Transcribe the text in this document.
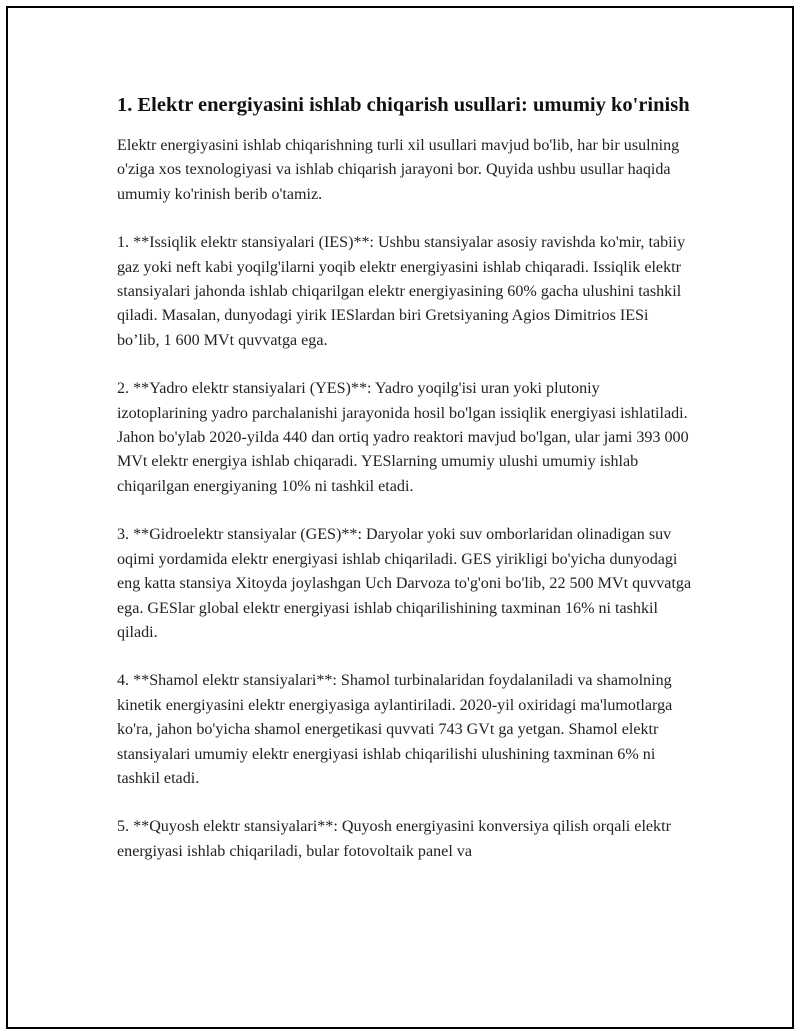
1. Elektr energiyasini ishlab chiqarish usullari: umumiy ko'rinish

Elektr energiyasini ishlab chiqarishning turli xil usullari mavjud bo'lib, har bir usulning o'ziga xos texnologiyasi va ishlab chiqarish jarayoni bor. Quyida ushbu usullar haqida umumiy ko'rinish berib o'tamiz.

1. **Issiqlik elektr stansiyalari (IES)**: Ushbu stansiyalar asosiy ravishda ko'mir, tabiiy gaz yoki neft kabi yoqilg'ilarni yoqib elektr energiyasini ishlab chiqaradi. Issiqlik elektr stansiyalari jahonda ishlab chiqarilgan elektr energiyasining 60% gacha ulushini tashkil qiladi. Masalan, dunyodagi yirik IESlardan biri Gretsiyaning Agios Dimitrios IESi bo’lib, 1 600 MVt quvvatga ega.

2. **Yadro elektr stansiyalari (YES)**: Yadro yoqilg'isi uran yoki plutoniy izotoplarining yadro parchalanishi jarayonida hosil bo'lgan issiqlik energiyasi ishlatiladi. Jahon bo'ylab 2020-yilda 440 dan ortiq yadro reaktori mavjud bo'lgan, ular jami 393 000 MVt elektr energiya ishlab chiqaradi. YESlarning umumiy ulushi umumiy ishlab chiqarilgan energiyaning 10% ni tashkil etadi.

3. **Gidroelektr stansiyalar (GES)**: Daryolar yoki suv omborlaridan olinadigan suv oqimi yordamida elektr energiyasi ishlab chiqariladi. GES yirikligi bo'yicha dunyodagi eng katta stansiya Xitoyda joylashgan Uch Darvoza to'g'oni bo'lib, 22 500 MVt quvvatga ega. GESlar global elektr energiyasi ishlab chiqarilishining taxminan 16% ni tashkil qiladi.

4. **Shamol elektr stansiyalari**: Shamol turbinalaridan foydalaniladi va shamolning kinetik energiyasini elektr energiyasiga aylantiriladi. 2020-yil oxiridagi ma'lumotlarga ko'ra, jahon bo'yicha shamol energetikasi quvvati 743 GVt ga yetgan. Shamol elektr stansiyalari umumiy elektr energiyasi ishlab chiqarilishi ulushining taxminan 6% ni tashkil etadi.

5. **Quyosh elektr stansiyalari**: Quyosh energiyasini konversiya qilish orqali elektr energiyasi ishlab chiqariladi, bular fotovoltaik panel va
